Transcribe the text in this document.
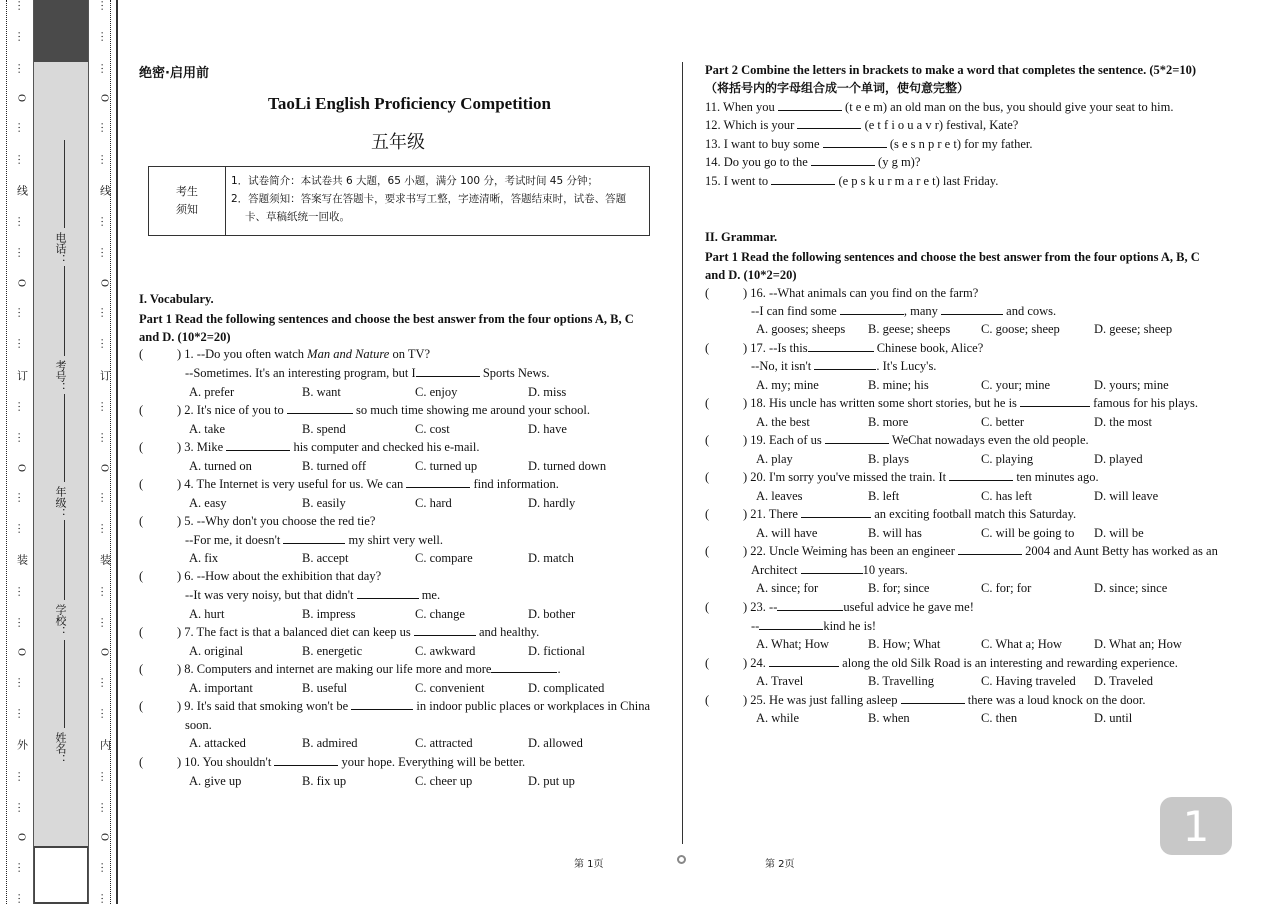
…
…
…
O
…
…
线
…
…
O
…
…
订
…
…
O
…
…
装
…
…
O
…
…
外
…
…
O
…
…
电话：
考号：
年级：
学校：
姓名：
…
…
…
O
…
…
线
…
…
O
…
…
订
…
…
O
…
…
装
…
…
O
…
…
内
…
…
O
…
…
绝密·启用前
TaoLi English Proficiency Competition
五年级
考生
须知
1．试卷简介：本试卷共 6 大题，65 小题，满分 100 分，考试时间 45 分钟；
2．答题须知：答案写在答题卡，要求书写工整，字迹清晰，答题结束时，试卷、答题卡、草稿纸统一回收。
I. Vocabulary.
Part 1 Read the following sentences and choose the best answer from the four options A, B, C
and D. (10*2=20)
(	) 1. --Do you often watch Man and Nature on TV?
--Sometimes. It's an interesting program, but I	Sports News.
A. prefer	B. want	C. enjoy	D. miss
(	) 2. It's nice of you to	so much time showing me around your school.
A. take	B. spend	C. cost	D. have
(	) 3. Mike	his computer and checked his e-mail.
A. turned on	B. turned off	C. turned up	D. turned down
(	) 4. The Internet is very useful for us. We can	find information.
A. easy	B. easily	C. hard	D. hardly
(	) 5. --Why don't you choose the red tie?
--For me, it doesn't	my shirt very well.
A. fix	B. accept	C. compare	D. match
(	) 6. --How about the exhibition that day?
--It was very noisy, but that didn't	me.
A. hurt	B. impress	C. change	D. bother
(	) 7. The fact is that a balanced diet can keep us	and healthy.
A. original	B. energetic	C. awkward	D. fictional
(	) 8. Computers and internet are making our life more and more	.
A. important	B. useful	C. convenient	D. complicated
(	) 9. It's said that smoking won't be	in indoor public places or workplaces in China
soon.
A. attacked	B. admired	C. attracted	D. allowed
(	) 10. You shouldn't	your hope. Everything will be better.
A. give up	B. fix up	C. cheer up	D. put up
Part 2 Combine the letters in brackets to make a word that completes the sentence. (5*2=10)
（将括号内的字母组合成一个单词，使句意完整）
11. When you	(t e e m) an old man on the bus, you should give your seat to him.
12. Which is your	(e t f i o u a v r) festival, Kate?
13. I want to buy some	(s e s n p r e t) for my father.
14. Do you go to the	(y g m)?
15. I went to	(e p s k u r m a r e t) last Friday.
II. Grammar.
Part 1 Read the following sentences and choose the best answer from the four options A, B, C
and D. (10*2=20)
(	) 16. --What animals can you find on the farm?
--I can find some	, many	and cows.
A. gooses; sheeps B. geese; sheeps C. goose; sheep	D. geese; sheep
(	) 17. --Is this	Chinese book, Alice?
--No, it isn't	. It's Lucy's.
A. my; mine	B. mine; his	C. your; mine	D. yours; mine
(	) 18. His uncle has written some short stories, but he is	famous for his plays.
A. the best	B. more	C. better	D. the most
(	) 19. Each of us	WeChat nowadays even the old people.
A. play	B. plays	C. playing	D. played
(	) 20. I'm sorry you've missed the train. It	ten minutes ago.
A. leaves	B. left	C. has left	D. will leave
(	) 21. There	an exciting football match this Saturday.
A. will have	B. will has	C. will be going to D. will be
(	) 22. Uncle Weiming has been an engineer	2004 and Aunt Betty has worked as an
Architect	10 years.
A. since; for	B. for; since	C. for; for	D. since; since
(	) 23. --	useful advice he gave me!
--	kind he is!
A. What; How	B. How; What	C. What a; How	D. What an; How
(	) 24.	along the old Silk Road is an interesting and rewarding experience.
A. Travel	B. Travelling	C. Having traveled D. Traveled
(	) 25. He was just falling asleep	there was a loud knock on the door.
A. while	B. when	C. then	D. until
第 1页	第 2页
1
